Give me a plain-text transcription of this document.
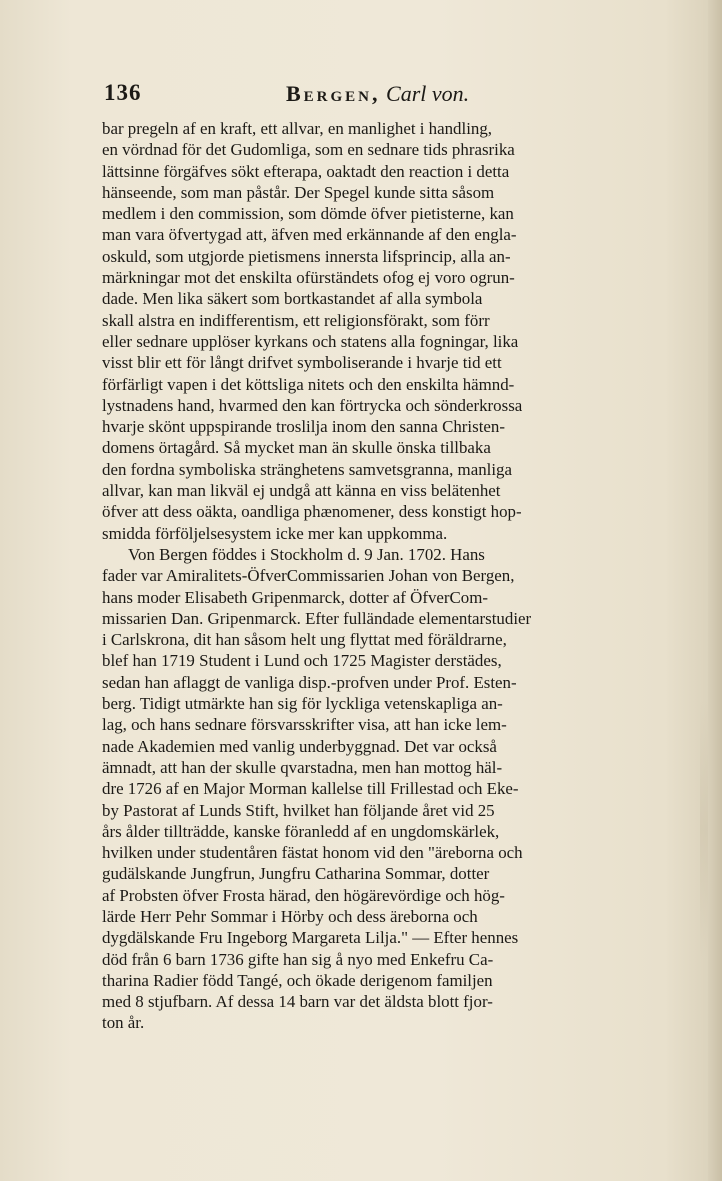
136	Bergen, Carl von.
bar pregeln af en kraft, ett allvar, en manlighet i handling,
en vördnad för det Gudomliga, som en sednare tids phrasrika
lättsinne förgäfves sökt efterapa, oaktadt den reaction i detta
hänseende, som man påstår. Der Spegel kunde sitta såsom
medlem i den commission, som dömde öfver pietisterne, kan
man vara öfvertygad att, äfven med erkännande af den engla-
oskuld, som utgjorde pietismens innersta lifsprincip, alla an-
märkningar mot det enskilta ofürständets ofog ej voro ogrun-
dade. Men lika säkert som bortkastandet af alla symbola
skall alstra en indifferentism, ett religionsförakt, som förr
eller sednare upplöser kyrkans och statens alla fogningar, lika
visst blir ett för långt drifvet symboliserande i hvarje tid ett
förfärligt vapen i det köttsliga nitets och den enskilta hämnd-
lystnadens hand, hvarmed den kan förtrycka och sönderkrossa
hvarje skönt uppspirande troslilja inom den sanna Christen-
domens örtagård. Så mycket man än skulle önska tillbaka
den fordna symboliska stränghetens samvetsgranna, manliga
allvar, kan man likväl ej undgå att känna en viss belätenhet
öfver att dess oäkta, oandliga phænomener, dess konstigt hop-
smidda förföljelsesystem icke mer kan uppkomma.
Von Bergen föddes i Stockholm d. 9 Jan. 1702. Hans
fader var Amiralitets-ÖfverCommissarien Johan von Bergen,
hans moder Elisabeth Gripenmarck, dotter af ÖfverCom-
missarien Dan. Gripenmarck. Efter fulländade elementarstudier
i Carlskrona, dit han såsom helt ung flyttat med föräldrarne,
blef han 1719 Student i Lund och 1725 Magister derstädes,
sedan han aflaggt de vanliga disp.-profven under Prof. Esten-
berg. Tidigt utmärkte han sig för lyckliga vetenskapliga an-
lag, och hans sednare försvarsskrifter visa, att han icke lem-
nade Akademien med vanlig underbyggnad. Det var också
ämnadt, att han der skulle qvarstadna, men han mottog häl-
dre 1726 af en Major Morman kallelse till Frillestad och Eke-
by Pastorat af Lunds Stift, hvilket han följande året vid 25
års ålder tillträdde, kanske föranledd af en ungdomskärlek,
hvilken under studentåren fästat honom vid den "äreborna och
gudälskande Jungfrun, Jungfru Catharina Sommar, dotter
af Probsten öfver Frosta härad, den högärevördige och hög-
lärde Herr Pehr Sommar i Hörby och dess äreborna och
dygdälskande Fru Ingeborg Margareta Lilja." — Efter hennes
död från 6 barn 1736 gifte han sig å nyo med Enkefru Ca-
tharina Radier född Tangé, och ökade derigenom familjen
med 8 stjufbarn. Af dessa 14 barn var det äldsta blott fjor-
ton år.
